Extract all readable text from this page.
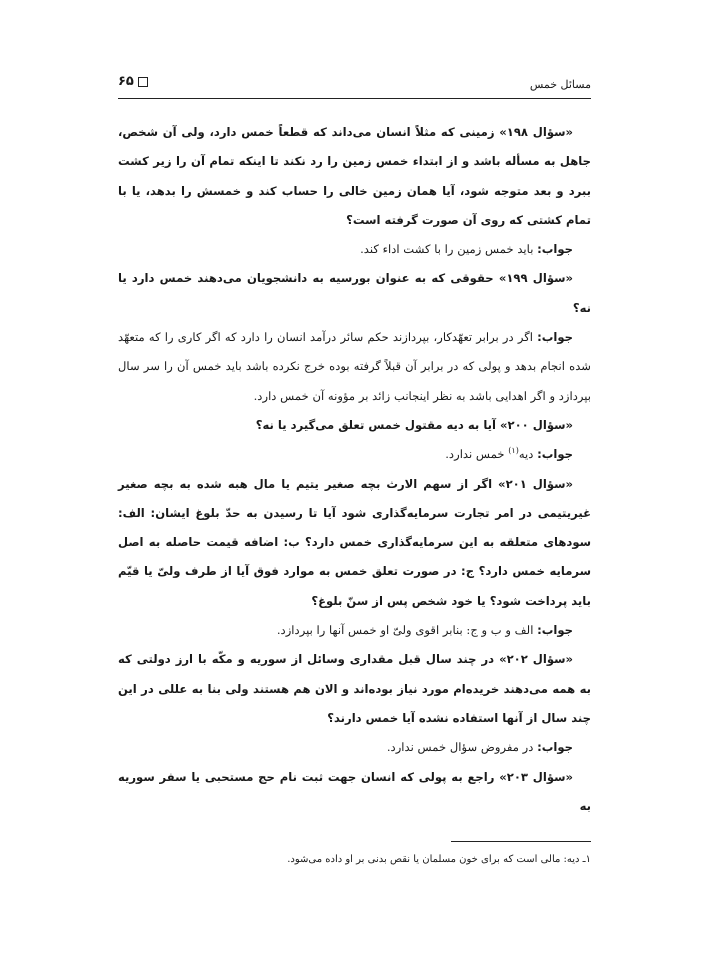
مسائل خمس
۶۵

«سؤال ۱۹۸» زمینی که مثلاً انسان می‌داند که قطعاً خمس دارد، ولی آن شخص، جاهل به مسأله باشد و از ابتداء خمس زمین را رد نکند تا اینکه تمام آن را زیر کشت ببرد و بعد متوجه شود، آیا همان زمین خالی را حساب کند و خمسش را بدهد، یا با تمام کشتی که روی آن صورت گرفته است؟

جواب: باید خمس زمین را با کشت اداء کند.

«سؤال ۱۹۹» حقوقی که به عنوان بورسیه به دانشجویان می‌دهند خمس دارد یا نه؟

جواب: اگر در برابر تعهّدکار، بپردازند حکم سائر درآمد انسان را دارد که اگر کاری را که متعهّد شده انجام بدهد و پولی که در برابر آن قبلاً گرفته بوده خرج نکرده باشد باید خمس آن را سر سال بپردازد و اگر اهدایی باشد به نظر اینجانب زائد بر مؤونه آن خمس دارد.

«سؤال ۲۰۰» آیا به دیه مقتول خمس تعلق می‌گیرد یا نه؟

جواب: دیه$^{(۱)}$ خمس ندارد.

«سؤال ۲۰۱» اگر از سهم الارث بچه صغیر یتیم یا مال هبه شده به بچه صغیر غیریتیمی در امر تجارت سرمایه‌گذاری شود آیا تا رسیدن به حدّ بلوغ ایشان: الف: سودهای متعلقه به این سرمایه‌گذاری خمس دارد؟ ب: اضافه قیمت حاصله به اصل سرمایه خمس دارد؟ ج: در صورت تعلق خمس به موارد فوق آیا از طرف ولیّ یا قیّم باید پرداخت شود؟ یا خود شخص پس از سنّ بلوغ؟

جواب: الف و ب و ج: بنابر اقوی ولیّ او خمس آنها را بپردازد.

«سؤال ۲۰۲» در چند سال قبل مقداری وسائل از سوریه و مکّه با ارز دولتی که به همه می‌دهند خریده‌ام مورد نیاز بوده‌اند و الان هم هستند ولی بنا به عللی در این چند سال از آنها استفاده نشده آیا خمس دارند؟

جواب: در مفروض سؤال خمس ندارد.

«سؤال ۲۰۳» راجع به پولی که انسان جهت ثبت نام حج مستحبی یا سفر سوریه به

۱ـ دیه: مالی است که برای خون مسلمان یا نقص بدنی بر او داده می‌شود.
